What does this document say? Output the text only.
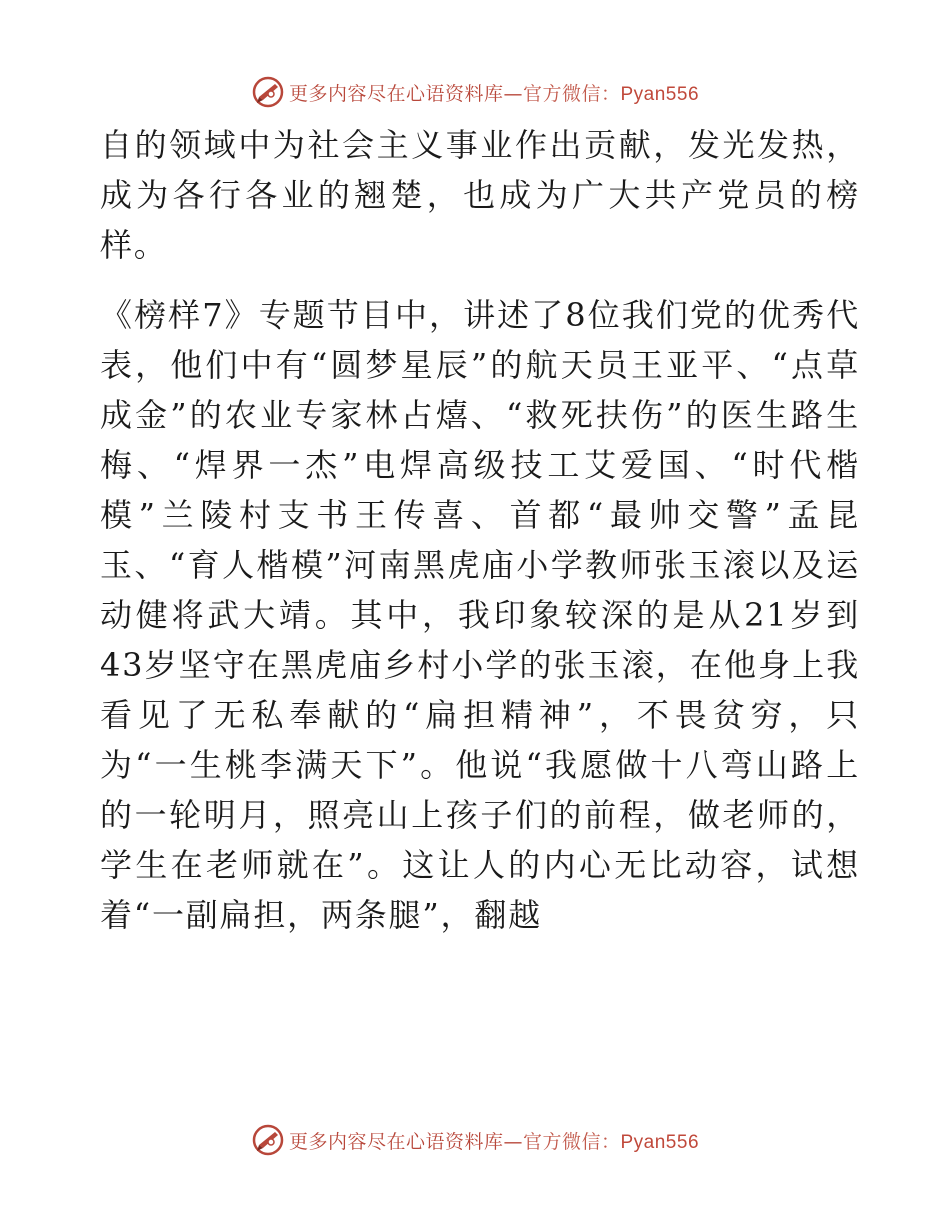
更多内容尽在心语资料库—官方微信：Pyan556

自的领域中为社会主义事业作出贡献，发光发热，成为各行各业的翘楚，也成为广大共产党员的榜样。

《榜样7》专题节目中，讲述了8位我们党的优秀代表，他们中有“圆梦星辰”的航天员王亚平、“点草成金”的农业专家林占熺、“救死扶伤”的医生路生梅、“焊界一杰”电焊高级技工艾爱国、“时代楷模”兰陵村支书王传喜、首都“最帅交警”孟昆玉、“育人楷模”河南黑虎庙小学教师张玉滚以及运动健将武大靖。其中，我印象较深的是从21岁到43岁坚守在黑虎庙乡村小学的张玉滚，在他身上我看见了无私奉献的“扁担精神”，不畏贫穷，只为“一生桃李满天下”。他说“我愿做十八弯山路上的一轮明月，照亮山上孩子们的前程，做老师的，学生在老师就在”。这让人的内心无比动容，试想着“一副扁担，两条腿”，翻越

更多内容尽在心语资料库—官方微信：Pyan556
